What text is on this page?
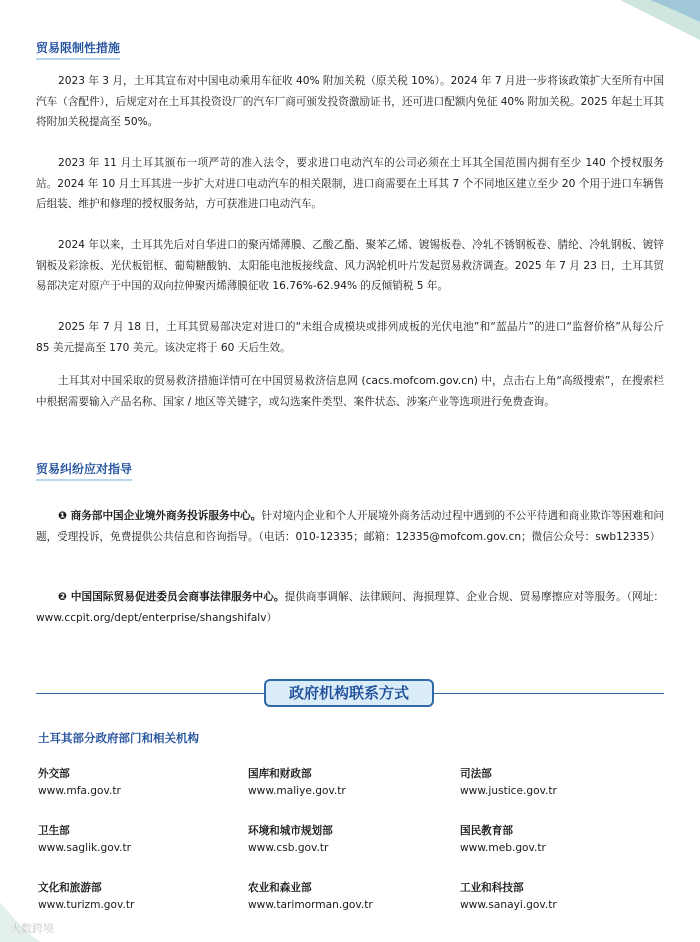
贸易限制性措施

2023 年 3 月，土耳其宣布对中国电动乘用车征收 40% 附加关税（原关税 10%）。2024 年 7 月进一步将该政策扩大至所有中国汽车（含配件），后规定对在土耳其投资设厂的汽车厂商可颁发投资激励证书，还可进口配额内免征 40% 附加关税。2025 年起土耳其将附加关税提高至 50%。

2023 年 11 月土耳其颁布一项严苛的准入法令，要求进口电动汽车的公司必须在土耳其全国范围内拥有至少 140 个授权服务站。2024 年 10 月土耳其进一步扩大对进口电动汽车的相关限制，进口商需要在土耳其 7 个不同地区建立至少 20 个用于进口车辆售后组装、维护和修理的授权服务站，方可获准进口电动汽车。

2024 年以来，土耳其先后对自华进口的聚丙烯薄膜、乙酸乙酯、聚苯乙烯、镀锡板卷、冷轧不锈钢板卷、腈纶、冷轧钢板、镀锌钢板及彩涂板、光伏板铝框、葡萄糖酸钠、太阳能电池板接线盒、风力涡轮机叶片发起贸易救济调查。2025 年 7 月 23 日，土耳其贸易部决定对原产于中国的双向拉伸聚丙烯薄膜征收 16.76%-62.94% 的反倾销税 5 年。

2025 年 7 月 18 日，土耳其贸易部决定对进口的“未组合成模块或排列成板的光伏电池”和“蓝晶片”的进口“监督价格”从每公斤 85 美元提高至 170 美元。该决定将于 60 天后生效。

土耳其对中国采取的贸易救济措施详情可在中国贸易救济信息网 (cacs.mofcom.gov.cn) 中，点击右上角“高级搜索”，在搜索栏中根据需要输入产品名称、国家 / 地区等关键字，或勾选案件类型、案件状态、涉案产业等选项进行免费查询。

贸易纠纷应对指导

❶ 商务部中国企业境外商务投诉服务中心。针对境内企业和个人开展境外商务活动过程中遇到的不公平待遇和商业欺诈等困难和问题，受理投诉，免费提供公共信息和咨询指导。（电话：010-12335；邮箱：12335@mofcom.gov.cn；微信公众号：swb12335）

❷ 中国国际贸易促进委员会商事法律服务中心。提供商事调解、法律顾问、海损理算、企业合规、贸易摩擦应对等服务。（网址：www.ccpit.org/dept/enterprise/shangshifalv）

政府机构联系方式
土耳其部分政府部门和相关机构
外交部
www.mfa.gov.tr
国库和财政部
www.maliye.gov.tr
司法部
www.justice.gov.tr
卫生部
www.saglik.gov.tr
环境和城市规划部
www.csb.gov.tr
国民教育部
www.meb.gov.tr
文化和旅游部
www.turizm.gov.tr
农业和森业部
www.tarimorman.gov.tr
工业和科技部
www.sanayi.gov.tr
大数跨境
